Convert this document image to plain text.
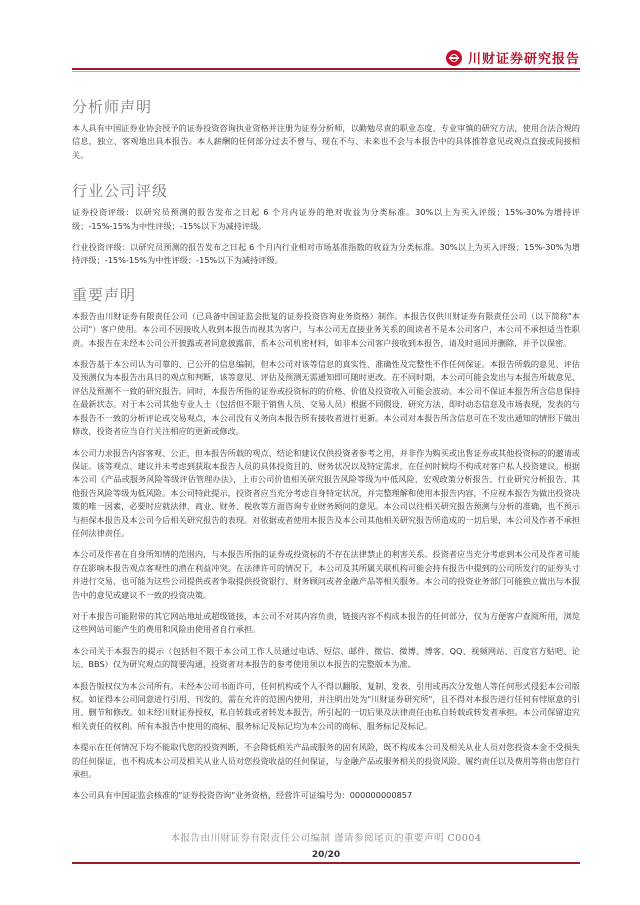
川财证券研究报告
分析师声明

本人具有中国证券业协会授予的证券投资咨询执业资格并注册为证券分析师，以勤勉尽责的职业态度、专业审慎的研究方法，使用合法合规的信息，独立、客观地出具本报告。本人薪酬的任何部分过去不曾与、现在不与、未来也不会与本报告中的具体推荐意见或观点直接或间接相关。

行业公司评级

证券投资评级：以研究员预测的报告发布之日起 6 个月内证券的绝对收益为分类标准。30%以上为买入评级；15%-30%为增持评级；-15%-15%为中性评级；-15%以下为减持评级。

行业投资评级：以研究员预测的报告发布之日起 6 个月内行业相对市场基准指数的收益为分类标准。30%以上为买入评级；15%-30%为增持评级；-15%-15%为中性评级；-15%以下为减持评级。

重要声明

本报告由川财证券有限责任公司（已具备中国证监会批复的证券投资咨询业务资格）制作。本报告仅供川财证券有限责任公司（以下简称"本公司"）客户使用。本公司不因接收人收到本报告而视其为客户，与本公司无直接业务关系的阅读者不是本公司客户，本公司不承担适当性职责。本报告在未经本公司公开披露或者同意披露前，系本公司机密材料，如非本公司客户接收到本报告，请及时退回并删除，并予以保密。

本报告基于本公司认为可靠的、已公开的信息编制，但本公司对该等信息的真实性、准确性及完整性不作任何保证。本报告所载的意见、评估及预测仅为本报告出具日的观点和判断，该等意见、评估及预测无需通知即可随时更改。在不同时期，本公司可能会发出与本报告所载意见、评估及预测不一致的研究报告。同时，本报告所指的证券或投资标的的价格、价值及投资收入可能会波动。本公司不保证本报告所含信息保持在最新状态。对于本公司其他专业人士（包括但不限于销售人员、交易人员）根据不同假设、研究方法、即时动态信息及市场表现，发表的与本报告不一致的分析评论或交易观点，本公司没有义务向本报告所有接收者进行更新。本公司对本报告所含信息可在不发出通知的情形下做出修改，投资者应当自行关注相应的更新或修改。

本公司力求报告内容客观、公正，但本报告所载的观点、结论和建议仅供投资者参考之用，并非作为购买或出售证券或其他投资标的的邀请或保证。该等观点、建议并未考虑到获取本报告人员的具体投资目的、财务状况以及特定需求，在任何时候均不构成对客户私人投资建议。根据本公司《产品或服务风险等级评估管理办法》，上市公司价值相关研究报告风险等级为中低风险，宏观政策分析报告、行业研究分析报告、其他报告风险等级为低风险。本公司特此提示，投资者应当充分考虑自身特定状况，并完整理解和使用本报告内容，不应视本报告为做出投资决策的唯一因素，必要时应就法律、商业、财务、税收等方面咨询专业财务顾问的意见。本公司以往相关研究报告预测与分析的准确，也不预示与担保本报告及本公司今后相关研究报告的表现。对依据或者使用本报告及本公司其他相关研究报告所造成的一切后果，本公司及作者不承担任何法律责任。

本公司及作者在自身所知情的范围内，与本报告所指的证券或投资标的不存在法律禁止的利害关系。投资者应当充分考虑到本公司及作者可能存在影响本报告观点客观性的潜在利益冲突。在法律许可的情况下，本公司及其所属关联机构可能会持有报告中提到的公司所发行的证券头寸并进行交易，也可能为这些公司提供或者争取提供投资银行、财务顾问或者金融产品等相关服务。本公司的投资业务部门可能独立做出与本报告中的意见或建议不一致的投资决策。

对于本报告可能附带的其它网站地址或超级链接，本公司不对其内容负责，链接内容不构成本报告的任何部分，仅为方便客户查阅所用，浏览这些网站可能产生的费用和风险由使用者自行承担。

本公司关于本报告的提示（包括但不限于本公司工作人员通过电话、短信、邮件、微信、微博、博客、QQ、视频网站、百度官方贴吧、论坛、BBS）仅为研究观点的简要沟通，投资者对本报告的参考使用须以本报告的完整版本为准。

本报告版权仅为本公司所有。未经本公司书面许可，任何机构或个人不得以翻版、复制、发表、引用或再次分发他人等任何形式侵犯本公司版权。如征得本公司同意进行引用、刊发的，需在允许的范围内使用，并注明出处为"川财证券研究所"，且不得对本报告进行任何有悖原意的引用、删节和修改。如未经川财证券授权，私自转载或者转发本报告，所引起的一切后果及法律责任由私自转载或转发者承担。本公司保留追究相关责任的权利。所有本报告中使用的商标、服务标记及标记均为本公司的商标、服务标记及标记。

本提示在任何情况下均不能取代您的投资判断，不会降低相关产品或服务的固有风险，既不构成本公司及相关从业人员对您投资本金不受损失的任何保证，也不构成本公司及相关从业人员对您投资收益的任何保证，与金融产品或服务相关的投资风险、履约责任以及费用等将由您自行承担。

本公司具有中国证监会核准的"证券投资咨询"业务资格，经营许可证编号为：000000000857

本报告由川财证券有限责任公司编制 谨请参阅尾页的重要声明 C0004
20/20
